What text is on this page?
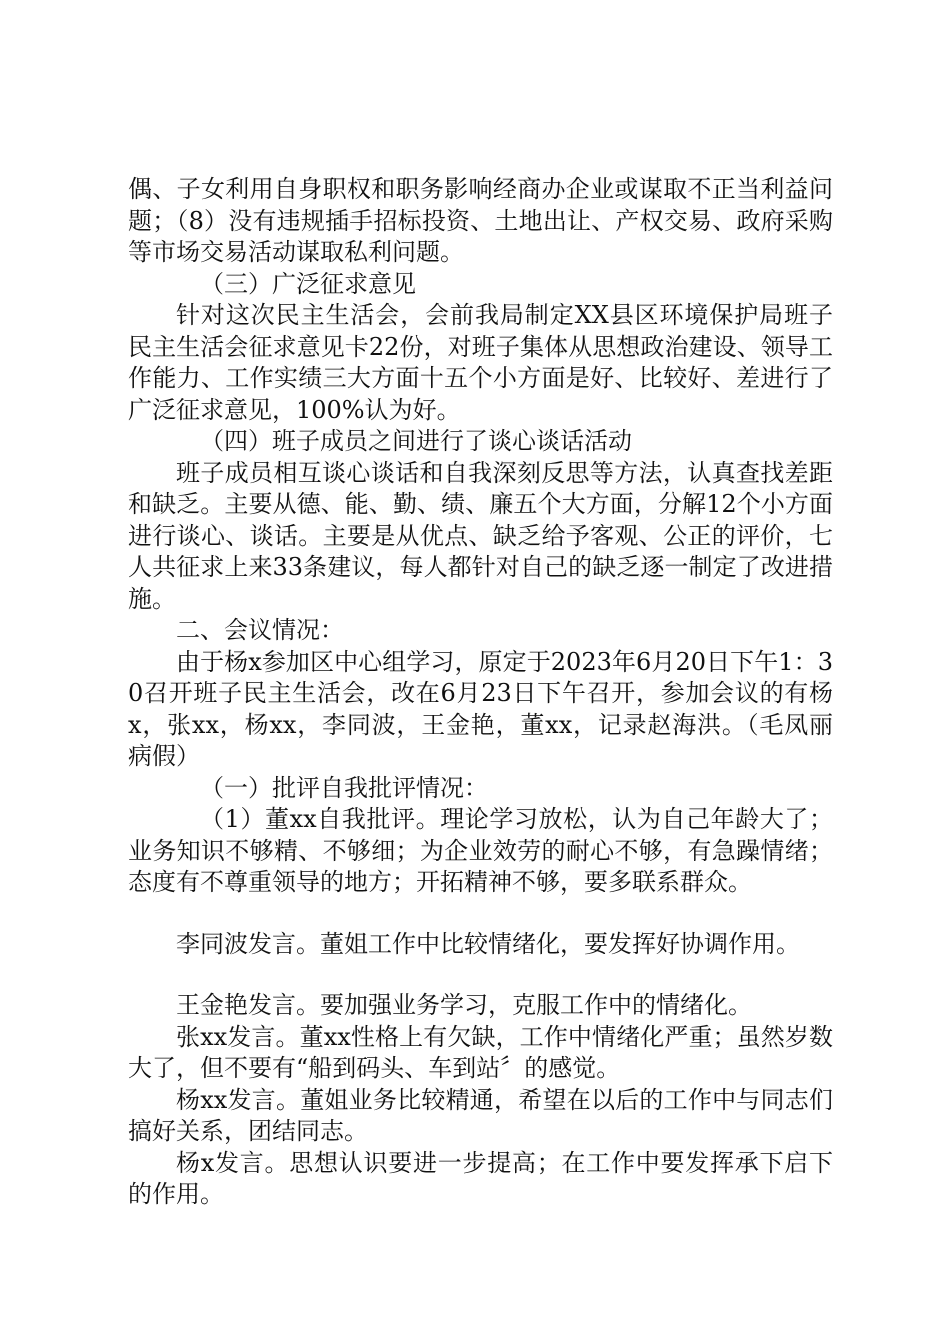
偶、子女利用自身职权和职务影响经商办企业或谋取不正当利益问题；（8）没有违规插手招标投资、土地出让、产权交易、政府采购等市场交易活动谋取私利问题。

（三）广泛征求意见

针对这次民主生活会，会前我局制定XX县区环境保护局班子民主生活会征求意见卡22份，对班子集体从思想政治建设、领导工作能力、工作实绩三大方面十五个小方面是好、比较好、差进行了广泛征求意见，100%认为好。

（四）班子成员之间进行了谈心谈话活动

班子成员相互谈心谈话和自我深刻反思等方法，认真查找差距和缺乏。主要从德、能、勤、绩、廉五个大方面，分解12个小方面进行谈心、谈话。主要是从优点、缺乏给予客观、公正的评价，七人共征求上来33条建议，每人都针对自己的缺乏逐一制定了改进措施。

二、会议情况：

由于杨x参加区中心组学习，原定于2023年6月20日下午1：30召开班子民主生活会，改在6月23日下午召开，参加会议的有杨x，张xx，杨xx，李同波，王金艳，董xx，记录赵海洪。（毛凤丽病假）

（一）批评自我批评情况：

（1）董xx自我批评。理论学习放松，认为自己年龄大了；业务知识不够精、不够细；为企业效劳的耐心不够，有急躁情绪；态度有不尊重领导的地方；开拓精神不够，要多联系群众。

李同波发言。董姐工作中比较情绪化，要发挥好协调作用。

王金艳发言。要加强业务学习，克服工作中的情绪化。

张xx发言。董xx性格上有欠缺，工作中情绪化严重；虽然岁数大了，但不要有“船到码头、车到站〞的感觉。

杨xx发言。董姐业务比较精通，希望在以后的工作中与同志们搞好关系，团结同志。

杨x发言。思想认识要进一步提高；在工作中要发挥承下启下的作用。
